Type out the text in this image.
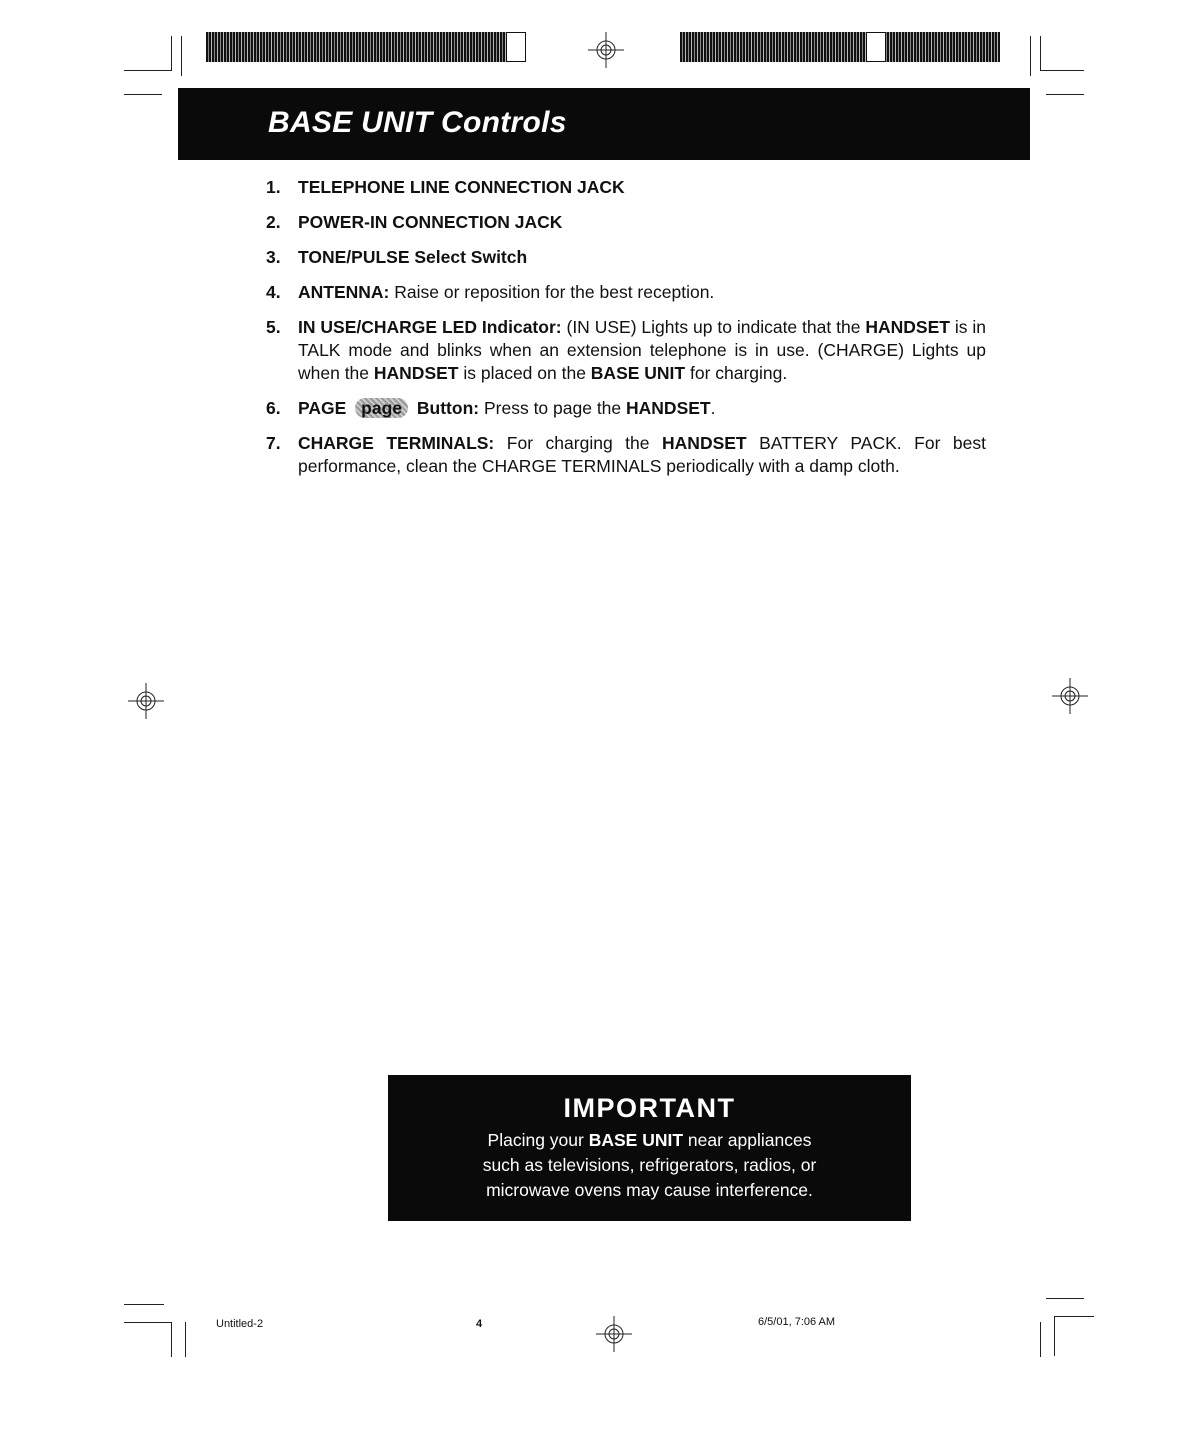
BASE UNIT Controls
1. TELEPHONE LINE CONNECTION JACK
2. POWER-IN CONNECTION JACK
3. TONE/PULSE Select Switch
4. ANTENNA: Raise or reposition for the best reception.
5. IN USE/CHARGE LED Indicator: (IN USE) Lights up to indicate that the HANDSET is in TALK mode and blinks when an extension telephone is in use. (CHARGE) Lights up when the HANDSET is placed on the BASE UNIT for charging.
6. PAGE page Button: Press to page the HANDSET.
7. CHARGE TERMINALS: For charging the HANDSET BATTERY PACK. For best performance, clean the CHARGE TERMINALS periodically with a damp cloth.
IMPORTANT

Placing your BASE UNIT near appliances

such as televisions, refrigerators, radios, or

microwave ovens may cause interference.

Untitled-2	4	6/5/01, 7:06 AM
